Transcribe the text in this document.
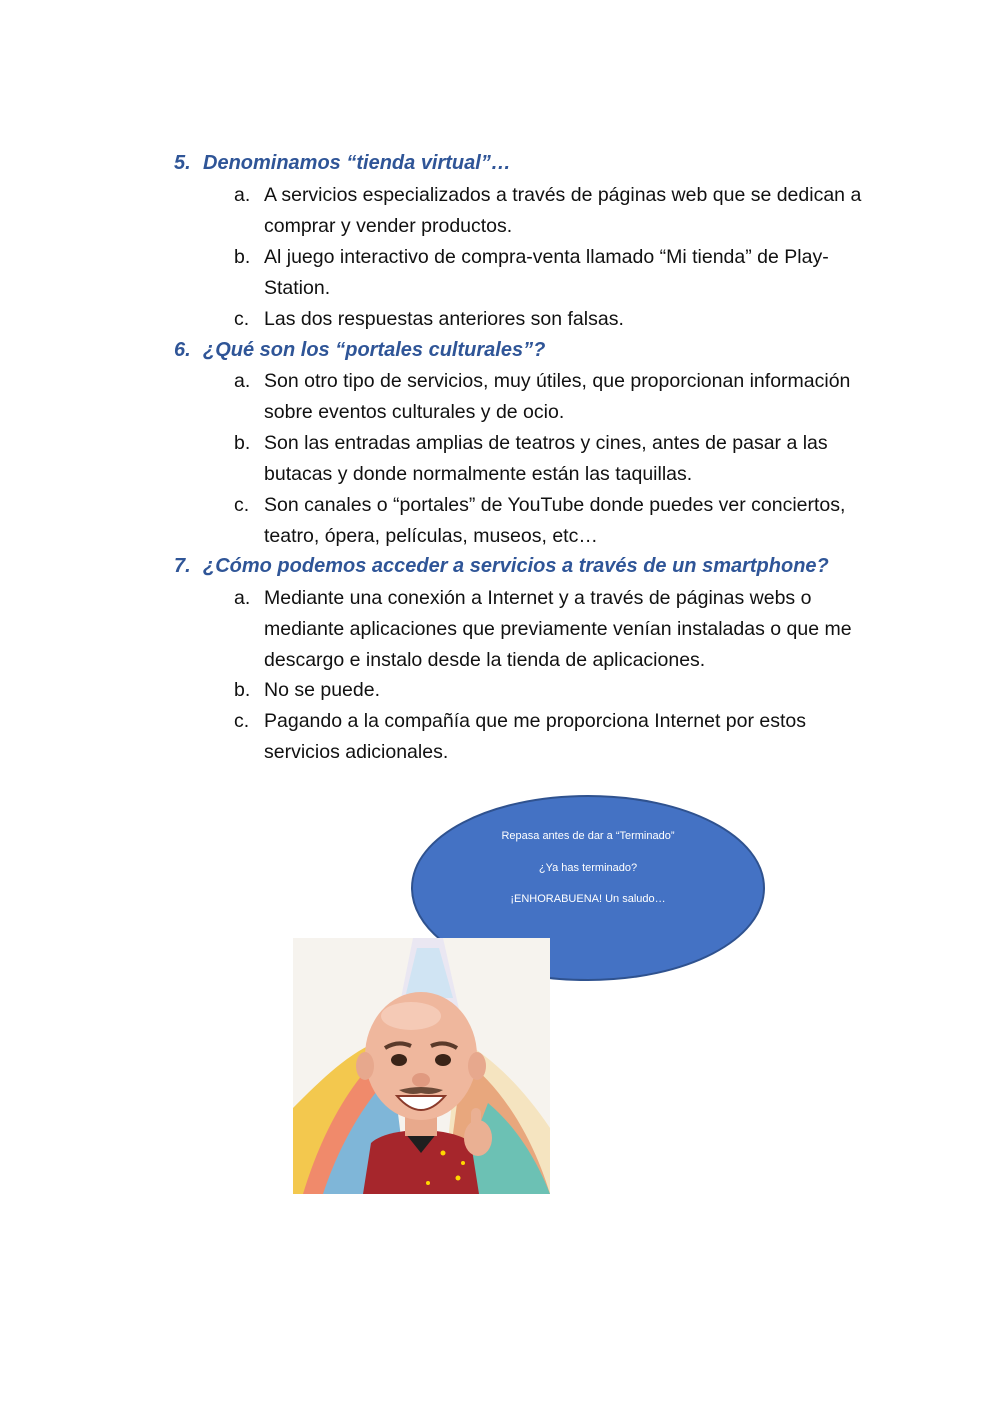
5. Denominamos “tienda virtual”…
a. A servicios especializados a través de páginas web que se dedican a comprar y vender productos.
b. Al juego interactivo de compra-venta llamado “Mi tienda” de Play-Station.
c. Las dos respuestas anteriores son falsas.
6. ¿Qué son los “portales culturales”?
a. Son otro tipo de servicios, muy útiles, que proporcionan información sobre eventos culturales y de ocio.
b. Son las entradas amplias de teatros y cines, antes de pasar a las butacas y donde normalmente están las taquillas.
c. Son canales o “portales” de YouTube donde puedes ver conciertos, teatro, ópera, películas, museos, etc…
7. ¿Cómo podemos acceder a servicios a través de un smartphone?
a. Mediante una conexión a Internet y a través de páginas webs o mediante aplicaciones que previamente venían instaladas o que me descargo e instalo desde la tienda de aplicaciones.
b. No se puede.
c. Pagando a la compañía que me proporciona Internet por estos servicios adicionales.
Repasa antes de dar a “Terminado”
¿Ya has terminado?
¡ENHORABUENA! Un saludo…
